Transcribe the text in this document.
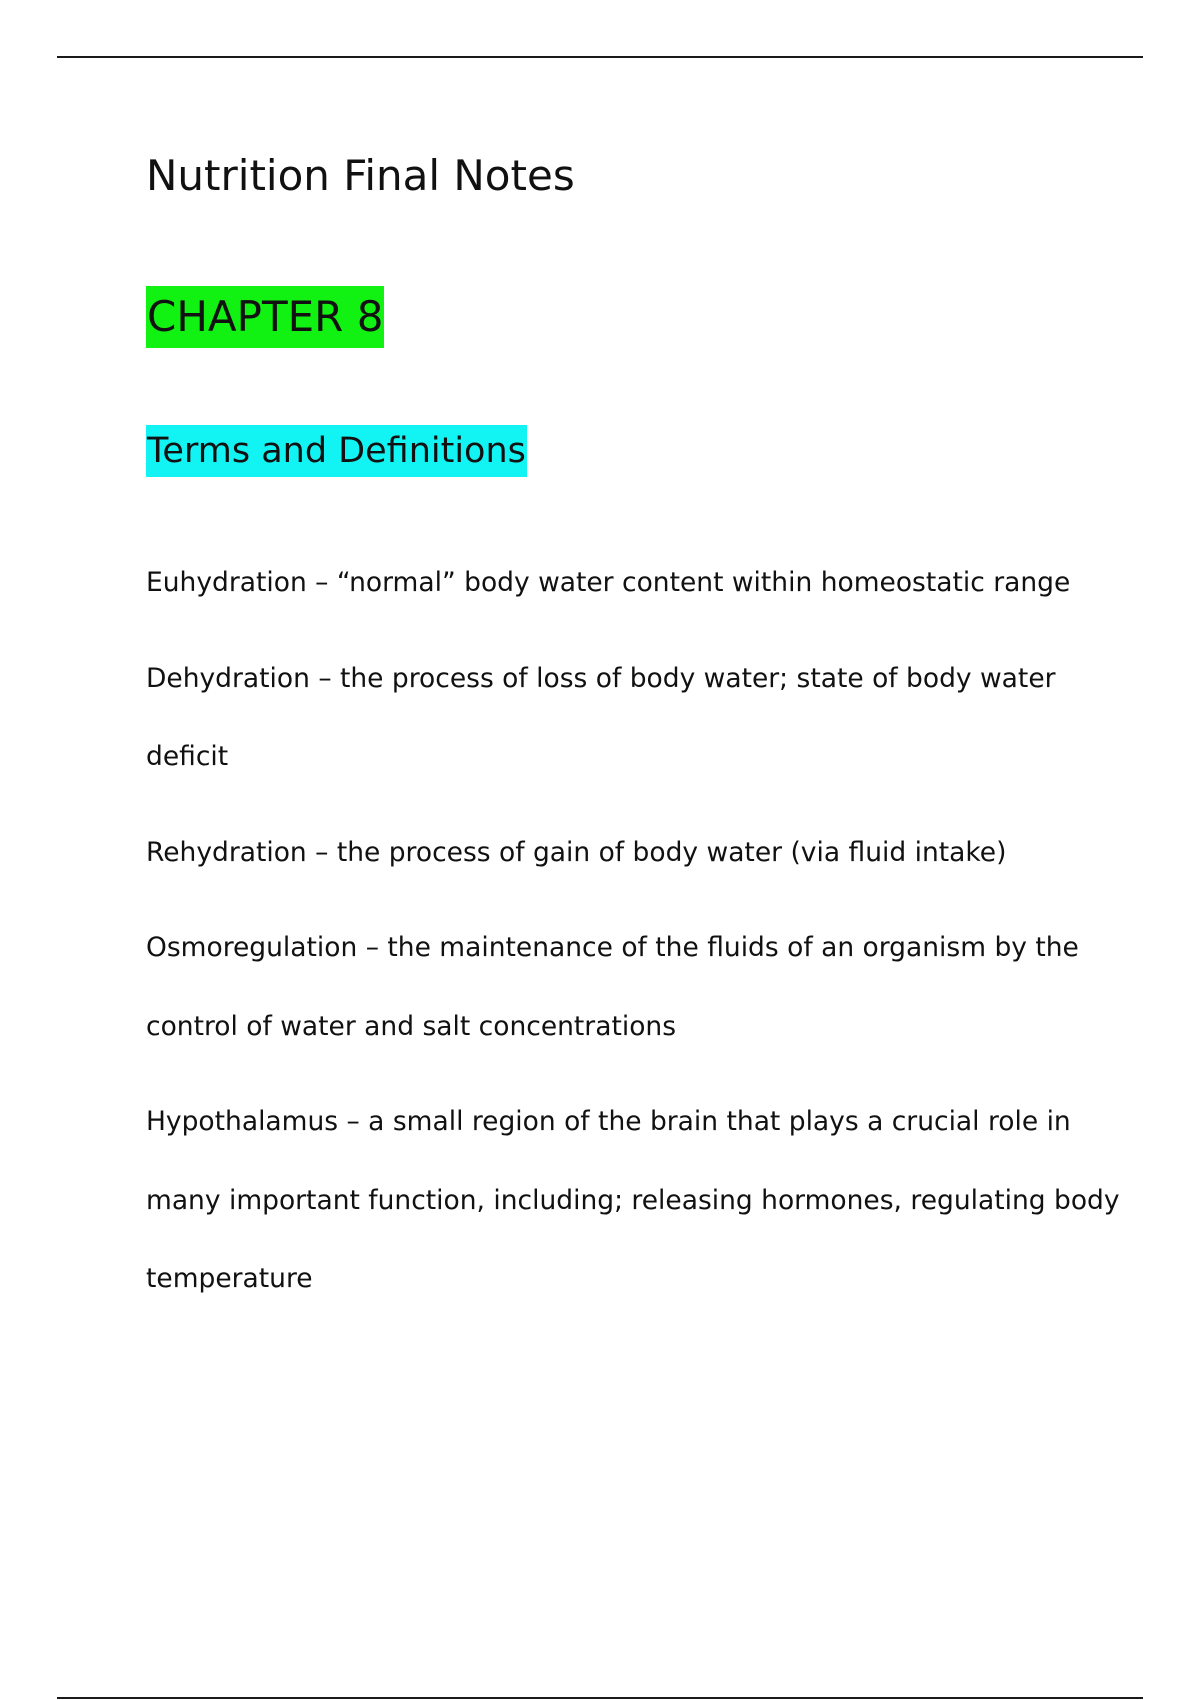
Nutrition Final Notes
CHAPTER 8
Terms and Definitions
Euhydration – “normal” body water content within homeostatic range
Dehydration – the process of loss of body water; state of body water deficit
Rehydration – the process of gain of body water (via fluid intake)
Osmoregulation – the maintenance of the fluids of an organism by the control of water and salt concentrations
Hypothalamus – a small region of the brain that plays a crucial role in many important function, including; releasing hormones, regulating body temperature
